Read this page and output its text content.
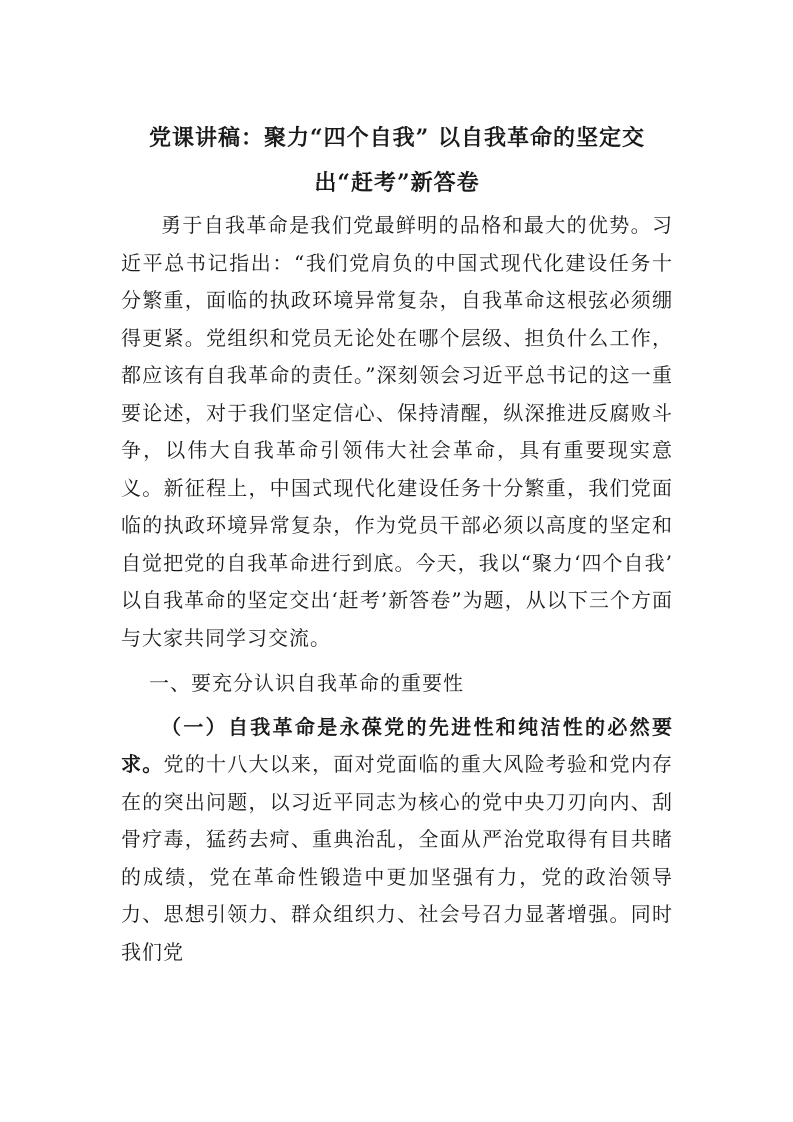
党课讲稿：聚力“四个自我” 以自我革命的坚定交出“赶考”新答卷

勇于自我革命是我们党最鲜明的品格和最大的优势。习近平总书记指出：“我们党肩负的中国式现代化建设任务十分繁重，面临的执政环境异常复杂，自我革命这根弦必须绷得更紧。党组织和党员无论处在哪个层级、担负什么工作，都应该有自我革命的责任。”深刻领会习近平总书记的这一重要论述，对于我们坚定信心、保持清醒，纵深推进反腐败斗争，以伟大自我革命引领伟大社会革命，具有重要现实意义。新征程上，中国式现代化建设任务十分繁重，我们党面临的执政环境异常复杂，作为党员干部必须以高度的坚定和自觉把党的自我革命进行到底。今天，我以“聚力‘四个自我’ 以自我革命的坚定交出‘赶考’新答卷”为题，从以下三个方面与大家共同学习交流。

一、要充分认识自我革命的重要性

（一）自我革命是永葆党的先进性和纯洁性的必然要求。党的十八大以来，面对党面临的重大风险考验和党内存在的突出问题，以习近平同志为核心的党中央刀刃向内、刮骨疗毒，猛药去疴、重典治乱，全面从严治党取得有目共睹的成绩，党在革命性锻造中更加坚强有力，党的政治领导力、思想引领力、群众组织力、社会号召力显著增强。同时我们党
